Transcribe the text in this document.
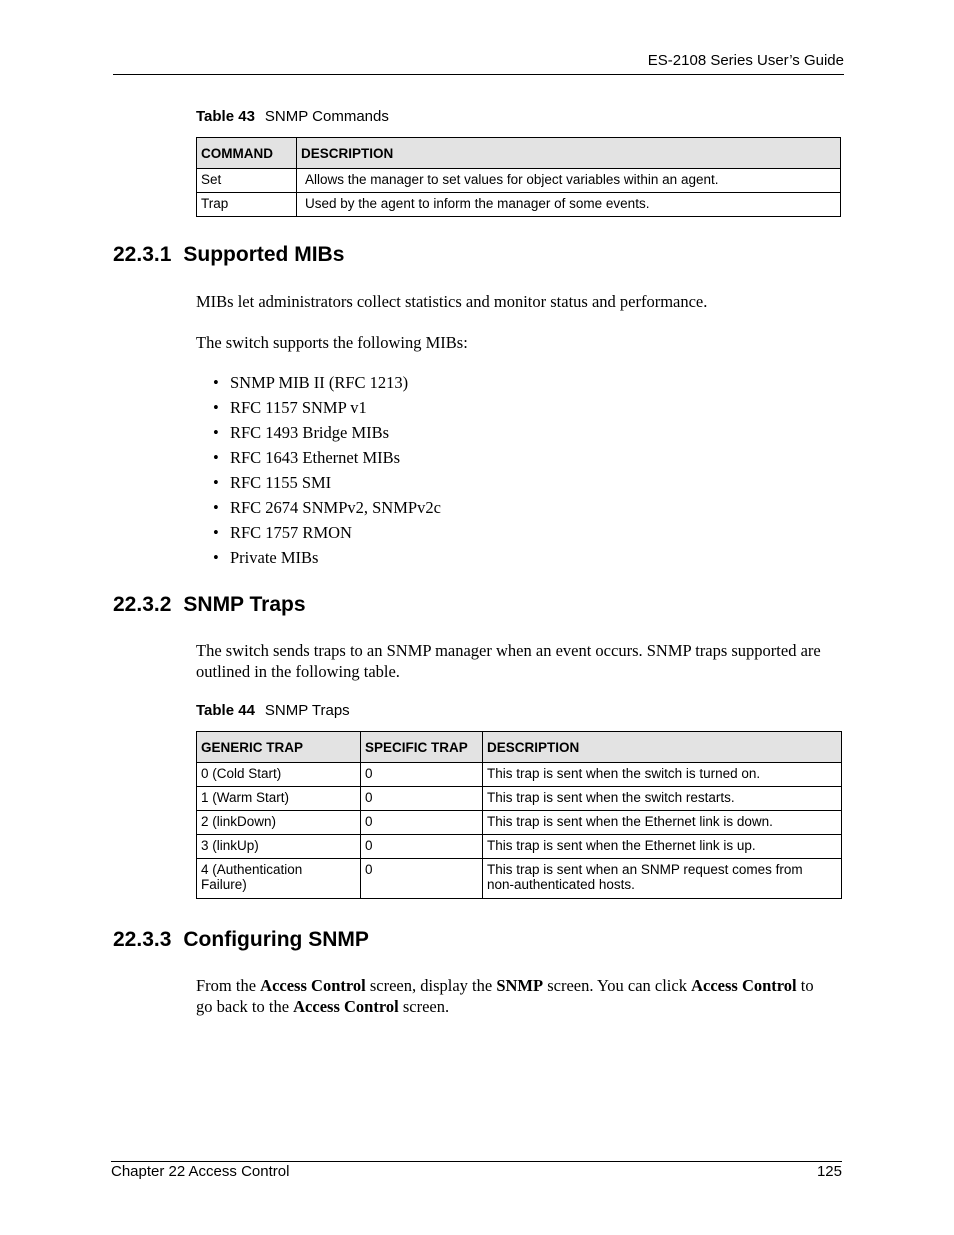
ES-2108 Series User’s Guide
Table 43 SNMP Commands
COMMAND	DESCRIPTION
Set	Allows the manager to set values for object variables within an agent.
Trap	Used by the agent to inform the manager of some events.
22.3.1 Supported MIBs

MIBs let administrators collect statistics and monitor status and performance.

The switch supports the following MIBs:

• SNMP MIB II (RFC 1213)
• RFC 1157 SNMP v1
• RFC 1493 Bridge MIBs
• RFC 1643 Ethernet MIBs
• RFC 1155 SMI
• RFC 2674 SNMPv2, SNMPv2c
• RFC 1757 RMON
• Private MIBs
22.3.2 SNMP Traps

The switch sends traps to an SNMP manager when an event occurs. SNMP traps supported are
outlined in the following table.

Table 44 SNMP Traps
GENERIC TRAP	SPECIFIC TRAP	DESCRIPTION
0 (Cold Start)	0	This trap is sent when the switch is turned on.
1 (Warm Start)	0	This trap is sent when the switch restarts.
2 (linkDown)	0	This trap is sent when the Ethernet link is down.
3 (linkUp)	0	This trap is sent when the Ethernet link is up.
4 (Authentication
Failure)	0	This trap is sent when an SNMP request comes from
non-authenticated hosts.
22.3.3 Configuring SNMP

From the Access Control screen, display the SNMP screen. You can click Access Control to
go back to the Access Control screen.

Chapter 22 Access Control	125
